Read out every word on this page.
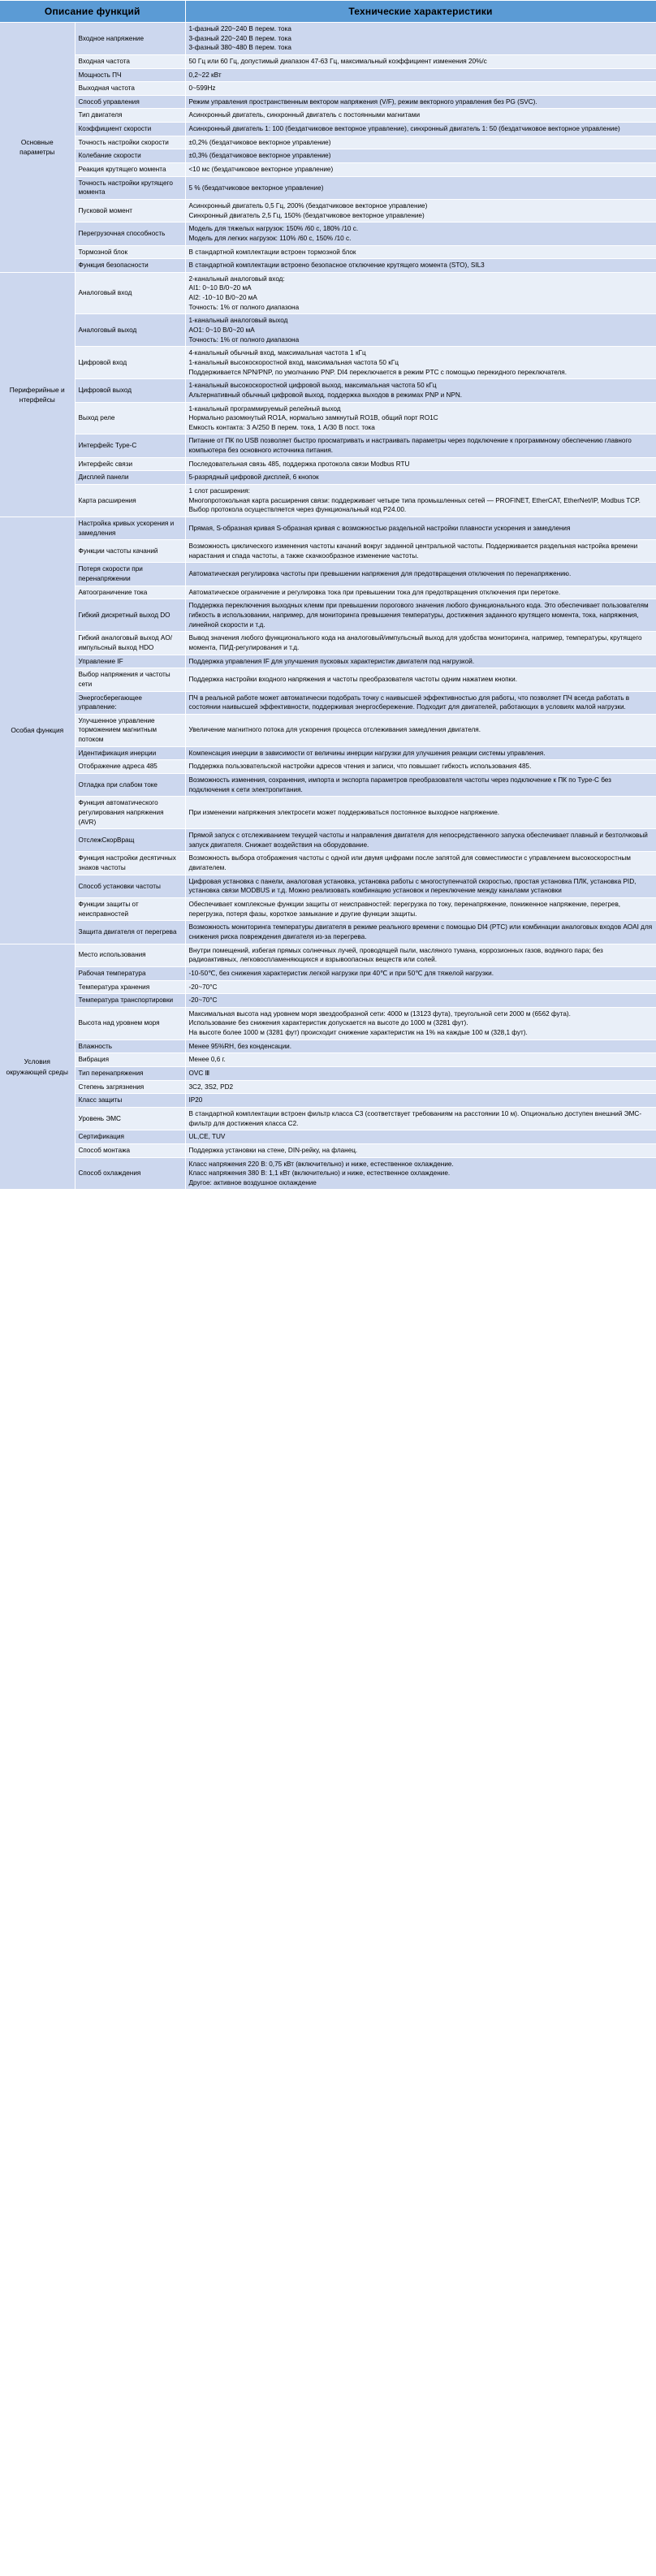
Описание функций		Технические характеристики
Основные параметры	Входное напряжение	1-фазный 220~240 В перем. тока
3-фазный 220~240 В перем. тока
3-фазный 380~480 В перем. тока

	Входная частота	50 Гц или 60 Гц, допустимый диапазон 47-63 Гц, максимальный коэффициент изменения 20%/с

	Мощность ПЧ	0,2~22 кВт

	Выходная частота	0~599Hz

	Способ управления	Режим управления пространственным вектором напряжения (V/F), режим векторного управления без PG (SVC).

	Тип двигателя	Асинхронный двигатель, синхронный двигатель с постоянными магнитами

	Коэффициент скорости	Асинхронный двигатель 1: 100 (бездатчиковое векторное управление), синхронный двигатель 1: 50 (бездатчиковое векторное управление)

	Точность настройки скорости	±0,2% (бездатчиковое векторное управление)

	Колебание скорости	±0,3% (бездатчиковое векторное управление)

	Реакция крутящего момента	<10 мс (бездатчиковое векторное управление)

	Точность настройки крутящего момента	5 % (бездатчиковое векторное управление)

	Пусковой момент	Асинхронный двигатель 0,5 Гц, 200% (бездатчиковое векторное управление)
Синхронный двигатель 2,5 Гц, 150% (бездатчиковое векторное управление)

	Перегрузочная способность	Модель для тяжелых нагрузок: 150% /60 с, 180% /10 с.
Модель для легких нагрузок: 110% /60 с, 150% /10 с.

	Тормозной блок	В стандартной комплектации встроен тормозной блок

	Функция безопасности	В стандартной комплектации встроено безопасное отключение крутящего момента (STO), SIL3

Периферийные и нтерфейсы	Аналоговый вход	2-канальный аналоговый вход:
AI1: 0~10 В/0~20 мА
AI2: -10~10 В/0~20 мА
Точность: 1% от полного диапазона

	Аналоговый выход	1-канальный аналоговый выход
AO1: 0~10 В/0~20 мА
Точность: 1% от полного диапазона

	Цифровой вход	4-канальный обычный вход, максимальная частота 1 кГц
1-канальный высокоскоростной вход, максимальная частота 50 кГц
Поддерживается NPN/PNP, по умолчанию PNP. DI4 переключается в режим PTC с помощью перекидного переключателя.

	Цифровой выход	1-канальный высокоскоростной цифровой выход, максимальная частота 50 кГц
Альтернативный обычный цифровой выход, поддержка выходов в режимах PNP и NPN.

	Выход реле	1-канальный программируемый релейный выход
Нормально разомкнутый RO1A, нормально замкнутый RO1B, общий порт RO1C
Емкость контакта: 3 A/250 В перем. тока, 1 A/30 В пост. тока

	Интерфейс Type-C	Питание от ПК по USB позволяет быстро просматривать и настраивать параметры через подключение к программному обеспечению главного компьютера без основного источника питания.

	Интерфейс связи	Последовательная связь 485, поддержка протокола связи Modbus RTU

	Дисплей панели	5-разрядный цифровой дисплей, 6 кнопок

	Карта расширения	1 слот расширения:
Многопротокольная карта расширения связи: поддерживает четыре типа промышленных сетей — PROFINET, EtherCAT, EtherNet/IP, Modbus TCP. Выбор протокола осуществляется через функциональный код P24.00.

Особая функция	Настройка кривых ускорения и замедления	Прямая, S-образная кривая S-образная кривая с возможностью раздельной настройки плавности ускорения и замедления

	Функции частоты качаний	Возможность циклического изменения частоты качаний вокруг заданной центральной частоты. Поддерживается раздельная настройка времени нарастания и спада частоты, а также скачкообразное изменение частоты.

	Потеря скорости при перенапряжении	Автоматическая регулировка частоты при превышении напряжения для предотвращения отключения по перенапряжению.

	Автоограничение тока	Автоматическое ограничение и регулировка тока при превышении тока для предотвращения отключения при перетоке.

	Гибкий дискретный выход DO	Поддержка переключения выходных клемм при превышении порогового значения любого функционального кода. Это обеспечивает пользователям гибкость в использовании, например, для мониторинга превышения температуры, достижения заданного крутящего момента, тока, напряжения, линейной скорости и т.д.

	Гибкий аналоговый выход AO/импульсный выход HDO	Вывод значения любого функционального кода на аналоговый/импульсный выход для удобства мониторинга, например, температуры, крутящего момента, ПИД-регулирования и т.д.

	Управление IF	Поддержка управления IF для улучшения пусковых характеристик двигателя под нагрузкой.

	Выбор напряжения и частоты сети	Поддержка настройки входного напряжения и частоты преобразователя частоты одним нажатием кнопки.

	Энергосберегающее управление:	ПЧ в реальной работе может автоматически подобрать точку с наивысшей эффективностью для работы, что позволяет ПЧ всегда работать в состоянии наивысшей эффективности, поддерживая энергосбережение. Подходит для двигателей, работающих в условиях малой нагрузки.

	Улучшенное управление торможением магнитным потоком	Увеличение магнитного потока для ускорения процесса отслеживания замедления двигателя.

	Идентификация инерции	Компенсация инерции в зависимости от величины инерции нагрузки для улучшения реакции системы управления.

	Отображение адреса 485	Поддержка пользовательской настройки адресов чтения и записи, что повышает гибкость использования 485.

	Отладка при слабом токе	Возможность изменения, сохранения, импорта и экспорта параметров преобразователя частоты через подключение к ПК по Type-C без подключения к сети электропитания.

	Функция автоматического регулирования напряжения (AVR)	При изменении напряжения электросети может поддерживаться постоянное выходное напряжение.

	ОтслежСкорВращ	Прямой запуск с отслеживанием текущей частоты и направления двигателя для непосредственного запуска обеспечивает плавный и безтолчковый запуск двигателя. Снижает воздействия на оборудование.

	Функция настройки десятичных знаков частоты	Возможность выбора отображения частоты с одной или двумя цифрами после запятой для совместимости с управлением высокоскоростным двигателем.

	Способ установки частоты	Цифровая установка с панели, аналоговая установка, установка работы с многоступенчатой скоростью, простая установка ПЛК, установка PID, установка связи MODBUS и т.д. Можно реализовать комбинацию установок и переключение между каналами установки

	Функции защиты от неисправностей	Обеспечивает комплексные функции защиты от неисправностей: перегрузка по току, перенапряжение, пониженное напряжение, перегрев, перегрузка, потеря фазы, короткое замыкание и другие функции защиты.

	Защита двигателя от перегрева	Возможность мониторинга температуры двигателя в режиме реального времени с помощью DI4 (PTC) или комбинации аналоговых входов AOAI для снижения риска повреждения двигателя из-за перегрева.

Условия окружающей среды	Место использования	Внутри помещений, избегая прямых солнечных лучей, проводящей пыли, масляного тумана, коррозионных газов, водяного пара; без радиоактивных, легковоспламеняющихся и взрывоопасных веществ или солей.

	Рабочая температура	-10-50℃, без снижения характеристик легкой нагрузки при 40℃ и при 50℃ для тяжелой нагрузки.

	Температура хранения	-20~70°C

	Температура транспортировки	-20~70°C

	Высота над уровнем моря	Максимальная высота над уровнем моря звездообразной сети: 4000 м (13123 фута), треугольной сети 2000 м (6562 фута).
Использование без снижения характеристик допускается на высоте до 1000 м (3281 фут).
На высоте более 1000 м (3281 фут) происходит снижение характеристик на 1% на каждые 100 м (328,1 фут).

	Влажность	Менее 95%RH, без конденсации.

	Вибрация	Менее 0,6 г.

	Тип перенапряжения	OVC Ⅲ

	Степень загрязнения	3C2, 3S2, PD2

	Класс защиты	IP20

	Уровень ЭМС	В стандартной комплектации встроен фильтр класса C3 (соответствует требованиям на расстоянии 10 м). Опционально доступен внешний ЭМС-фильтр для достижения класса C2.

	Сертификация	UL,CE, TUV

	Способ монтажа	Поддержка установки на стене, DIN-рейку, на фланец.

	Способ охлаждения	Класс напряжения 220 В: 0,75 кВт (включительно) и ниже, естественное охлаждение.
Класс напряжения 380 В: 1,1 кВт (включительно) и ниже, естественное охлаждение.
Другое: активное воздушное охлаждение
